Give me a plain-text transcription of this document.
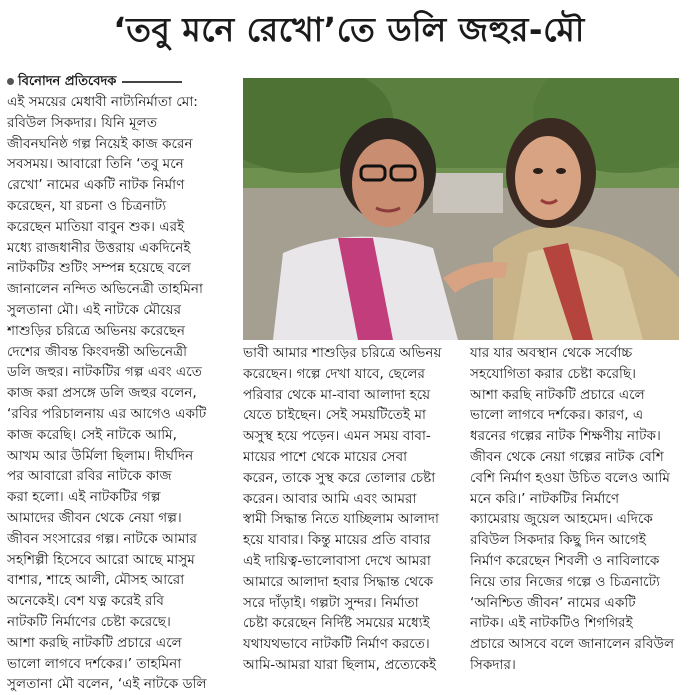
‘তবু মনে রেখো’তে ডলি জহুর-মৌ
বিনোদন প্রতিবেদক

এই সময়ের মেধাবী নাট্যনির্মাতা মো:

রবিউল সিকদার। যিনি মূলত

জীবনঘনিষ্ঠ গল্প নিয়েই কাজ করেন

সবসময়। আবারো তিনি ‘তবু মনে

রেখো’ নামের একটি নাটক নির্মাণ

করেছেন, যা রচনা ও চিত্রনাট্য

করেছেন মাতিয়া বাবুন শুক। এরই

মধ্যে রাজধানীর উত্তরায় একদিনেই

নাটকটির শুটিং সম্পন্ন হয়েছে বলে

জানালেন নন্দিত অভিনেত্রী তাহমিনা

সুলতানা মৌ। এই নাটকে মৌয়ের

শাশুড়ির চরিত্রে অভিনয় করেছেন

দেশের জীবন্ত কিংবদন্তী অভিনেত্রী

ডলি জহুর। নাটকটির গল্প এবং এতে

কাজ করা প্রসঙ্গে ডলি জহুর বলেন,

‘রবির পরিচালনায় এর আগেও একটি

কাজ করেছি। সেই নাটকে আমি,

আখম আর উর্মিলা ছিলাম। দীর্ঘদিন

পর আবারো রবির নাটকে কাজ

করা হলো। এই নাটকটির গল্প

আমাদের জীবন থেকে নেয়া গল্প।

জীবন সংসারের গল্প। নাটকে আমার

সহশিল্পী হিসেবে আরো আছে মাসুম

বাশার, শাহে আলী, মৌসহ আরো

অনেকেই। বেশ যত্ন করেই রবি

নাটকটি নির্মাণের চেষ্টা করেছে।

আশা করছি নাটকটি প্রচারে এলে

ভালো লাগবে দর্শকের।’ তাহমিনা

সুলতানা মৌ বলেন, ‘এই নাটকে ডলি

ভাবী আমার শাশুড়ির চরিত্রে অভিনয়

করেছেন। গল্পে দেখা যাবে, ছেলের

পরিবার থেকে মা-বাবা আলাদা হয়ে

যেতে চাইছেন। সেই সময়টিতেই মা

অসুস্থ হয়ে পড়েন। এমন সময় বাবা-

মায়ের পাশে থেকে মায়ের সেবা

করেন, তাকে সুস্থ করে তোলার চেষ্টা

করেন। আবার আমি এবং আমরা

স্বামী সিদ্ধান্ত নিতে যাচ্ছিলাম আলাদা

হয়ে যাবার। কিন্তু মায়ের প্রতি বাবার

এই দায়িত্ব-ভালোবাসা দেখে আমরা

আমারে আলাদা হবার সিদ্ধান্ত থেকে

সরে দাঁড়াই। গল্পটা সুন্দর। নির্মাতা

চেষ্টা করেছেন নির্দিষ্ট সময়ের মধ্যেই

যথাযথভাবে নাটকটি নির্মাণ করতে।

আমি-আমরা যারা ছিলাম, প্রত্যেকেই

যার যার অবস্থান থেকে সর্বোচ্চ

সহযোগিতা করার চেষ্টা করেছি।

আশা করছি নাটকটি প্রচারে এলে

ভালো লাগবে দর্শকের। কারণ, এ

ধরনের গল্পের নাটক শিক্ষণীয় নাটক।

জীবন থেকে নেয়া গল্পের নাটক বেশি

বেশি নির্মাণ হওয়া উচিত বলেও আমি

মনে করি।’ নাটকটির নির্মাণে

ক্যামেরায় জুয়েল আহমেদ। এদিকে

রবিউল সিকদার কিছু দিন আগেই

নির্মাণ করেছেন শিবলী ও নাবিলাকে

নিয়ে তার নিজের গল্পে ও চিত্রনাট্যে

‘অনিশ্চিত জীবন’ নামের একটি

নাটক। এই নাটকটিও শিগগিরই

প্রচারে আসবে বলে জানালেন রবিউল

সিকদার।
